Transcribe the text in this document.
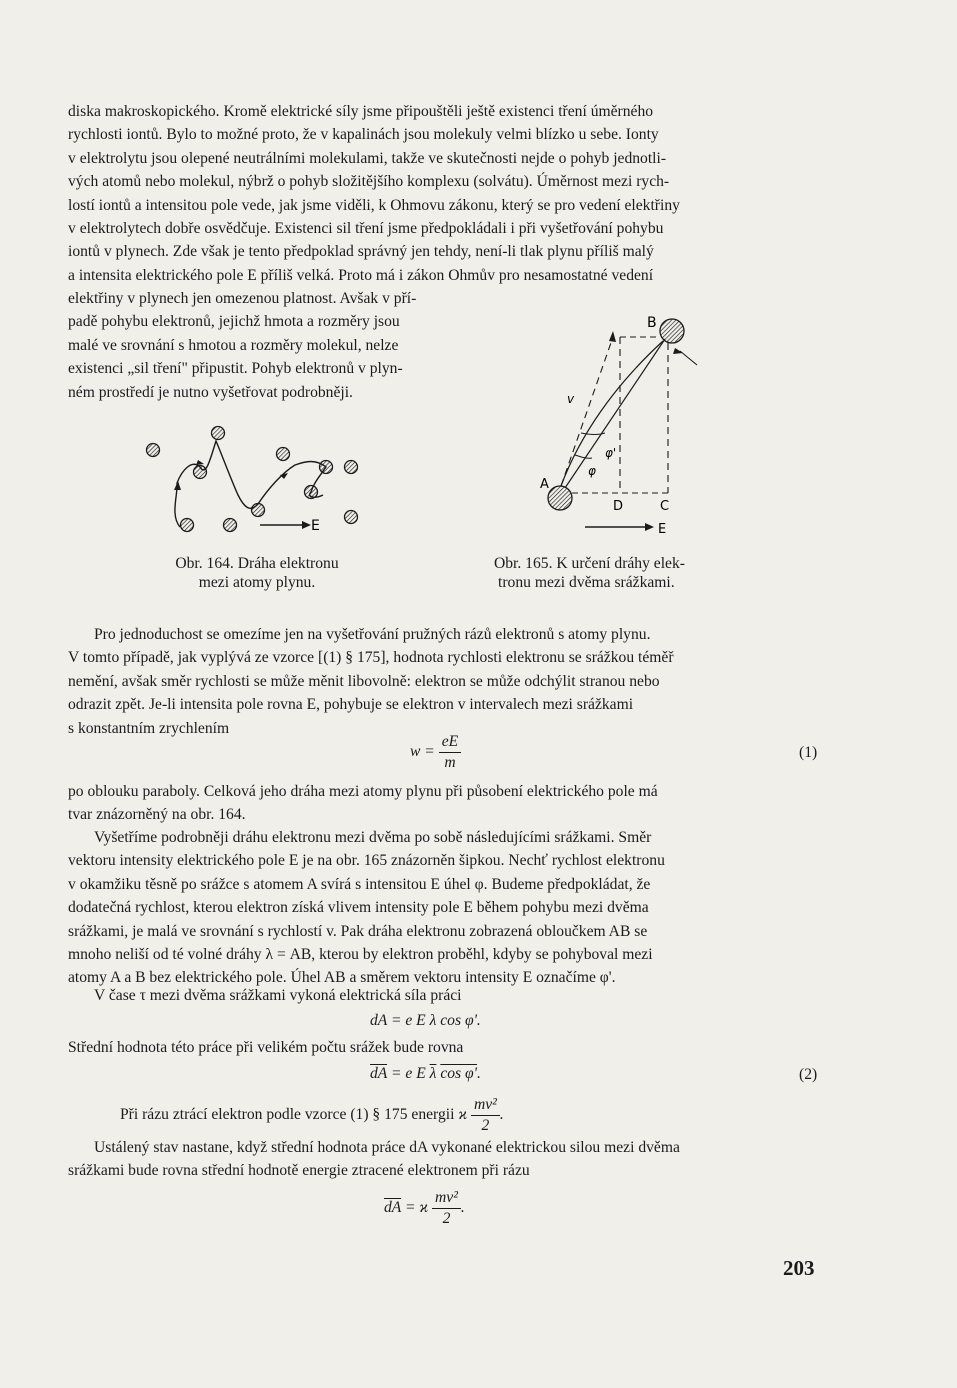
diska makroskopického. Kromě elektrické síly jsme připouštěli ještě existenci tření úměrného
rychlosti iontů. Bylo to možné proto, že v kapalinách jsou molekuly velmi blízko u sebe. Ionty
v elektrolytu jsou olepené neutrálními molekulami, takže ve skutečnosti nejde o pohyb jednotli-
vých atomů nebo molekul, nýbrž o pohyb složitějšího komplexu (solvátu). Úměrnost mezi rych-
lostí iontů a intensitou pole vede, jak jsme viděli, k Ohmovu zákonu, který se pro vedení elektřiny
v elektrolytech dobře osvědčuje. Existenci sil tření jsme předpokládali i při vyšetřování pohybu
iontů v plynech. Zde však je tento předpoklad správný jen tehdy, není-li tlak plynu příliš malý
a intensita elektrického pole E příliš velká. Proto má i zákon Ohmův pro nesamostatné vedení
elektřiny v plynech jen omezenou platnost. Avšak v pří-
padě pohybu elektronů, jejichž hmota a rozměry jsou
malé ve srovnání s hmotou a rozměry molekul, nelze
existenci „sil tření" připustit. Pohyb elektronů v plyn-
ném prostředí je nutno vyšetřovat podrobněji.
E
Obr. 164. Dráha elektronu
mezi atomy plynu.
B
A
D	C
v
φ
φ'
E
Obr. 165. K určení dráhy elek-
tronu mezi dvěma srážkami.
Pro jednoduchost se omezíme jen na vyšetřování pružných rázů elektronů s atomy plynu.
V tomto případě, jak vyplývá ze vzorce [(1) § 175], hodnota rychlosti elektronu se srážkou téměř
nemění, avšak směr rychlosti se může měnit libovolně: elektron se může odchýlit stranou nebo
odrazit zpět. Je-li intensita pole rovna E, pohybuje se elektron v intervalech mezi srážkami
s konstantním zrychlením
$w = \frac{eE}{m}$	(1)
po oblouku paraboly. Celková jeho dráha mezi atomy plynu při působení elektrického pole má
tvar znázorněný na obr. 164.
Vyšetříme podrobněji dráhu elektronu mezi dvěma po sobě následujícími srážkami. Směr
vektoru intensity elektrického pole E je na obr. 165 znázorněn šipkou. Nechť rychlost elektronu
v okamžiku těsně po srážce s atomem A svírá s intensitou E úhel φ. Budeme předpokládat, že
dodatečná rychlost, kterou elektron získá vlivem intensity pole E během pohybu mezi dvěma
srážkami, je malá ve srovnání s rychlostí v. Pak dráha elektronu zobrazená obloučkem AB se
mnoho neliší od té volné dráhy λ = AB, kterou by elektron proběhl, kdyby se pohyboval mezi
atomy A a B bez elektrického pole. Úhel AB a směrem vektoru intensity E označíme φ'.
V čase τ mezi dvěma srážkami vykoná elektrická síla práci
dA = e E λ cos φ'.
Střední hodnota této práce při velikém počtu srážek bude rovna
$\overline{dA} = e$ E $\overline{\lambda}$ cos φ'.	(2)
Při rázu ztrácí elektron podle vzorce (1) § 175 energii ϰ $\frac{\text{mv²}}{2}$ .
Ustálený stav nastane, když střední hodnota práce dA vykonané elektrickou silou mezi dvěma
srážkami bude rovna střední hodnotě energie ztracené elektronem při rázu
$\overline{dA} = ϰ \frac{\text{mv²}}{2}$ .
203
